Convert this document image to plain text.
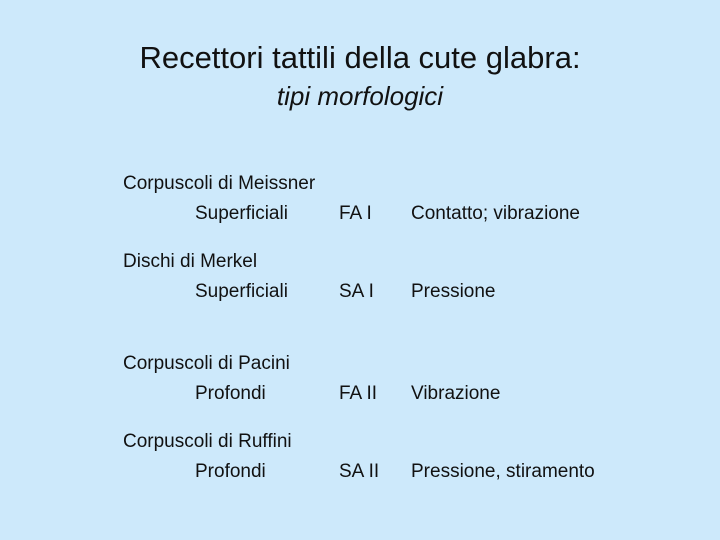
Recettori tattili della cute glabra:
tipi morfologici
Corpuscoli di Meissner
Superficiali	FA I Contatto; vibrazione
Dischi di Merkel
Superficiali	SA I Pressione
Corpuscoli di Pacini
Profondi	FA II Vibrazione
Corpuscoli di Ruffini
Profondi	SA II Pressione, stiramento
